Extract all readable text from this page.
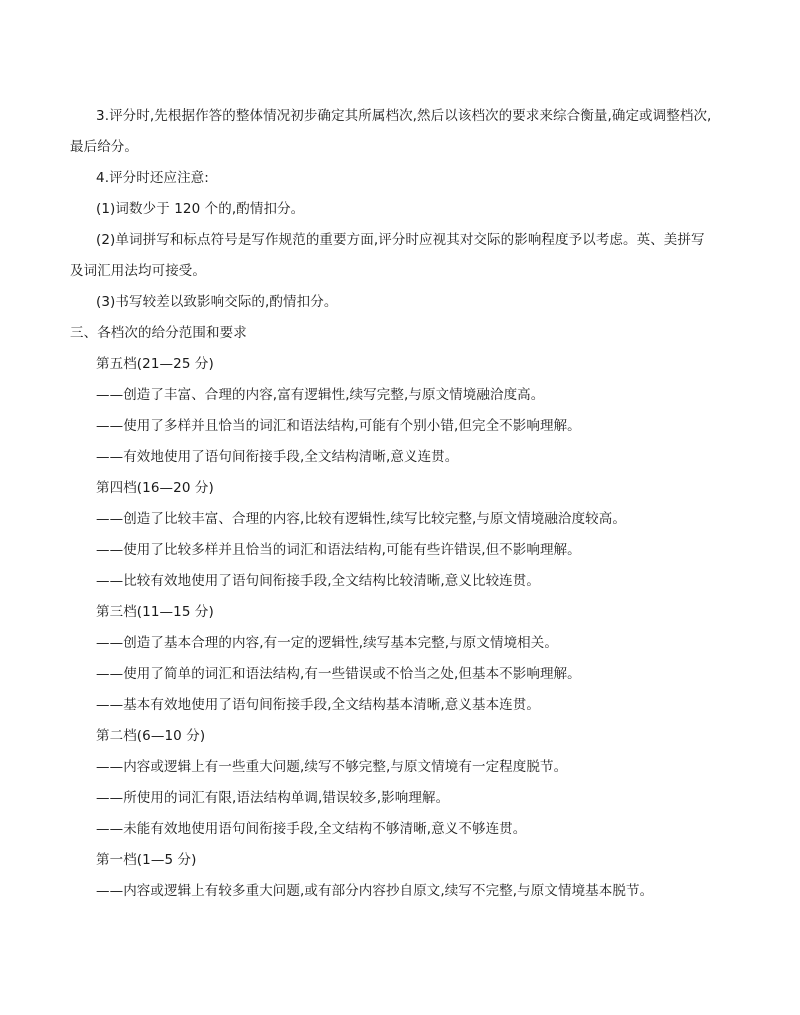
3.评分时,先根据作答的整体情况初步确定其所属档次,然后以该档次的要求来综合衡量,确定或调整档次,
最后给分。
4.评分时还应注意:
(1)词数少于 120 个的,酌情扣分。
(2)单词拼写和标点符号是写作规范的重要方面,评分时应视其对交际的影响程度予以考虑。英、美拼写
及词汇用法均可接受。
(3)书写较差以致影响交际的,酌情扣分。
三、各档次的给分范围和要求
第五档(21—25 分)
——创造了丰富、合理的内容,富有逻辑性,续写完整,与原文情境融洽度高。
——使用了多样并且恰当的词汇和语法结构,可能有个别小错,但完全不影响理解。
——有效地使用了语句间衔接手段,全文结构清晰,意义连贯。
第四档(16—20 分)
——创造了比较丰富、合理的内容,比较有逻辑性,续写比较完整,与原文情境融洽度较高。
——使用了比较多样并且恰当的词汇和语法结构,可能有些许错误,但不影响理解。
——比较有效地使用了语句间衔接手段,全文结构比较清晰,意义比较连贯。
第三档(11—15 分)
——创造了基本合理的内容,有一定的逻辑性,续写基本完整,与原文情境相关。
——使用了简单的词汇和语法结构,有一些错误或不恰当之处,但基本不影响理解。
——基本有效地使用了语句间衔接手段,全文结构基本清晰,意义基本连贯。
第二档(6—10 分)
——内容或逻辑上有一些重大问题,续写不够完整,与原文情境有一定程度脱节。
——所使用的词汇有限,语法结构单调,错误较多,影响理解。
——未能有效地使用语句间衔接手段,全文结构不够清晰,意义不够连贯。
第一档(1—5 分)
——内容或逻辑上有较多重大问题,或有部分内容抄自原文,续写不完整,与原文情境基本脱节。
